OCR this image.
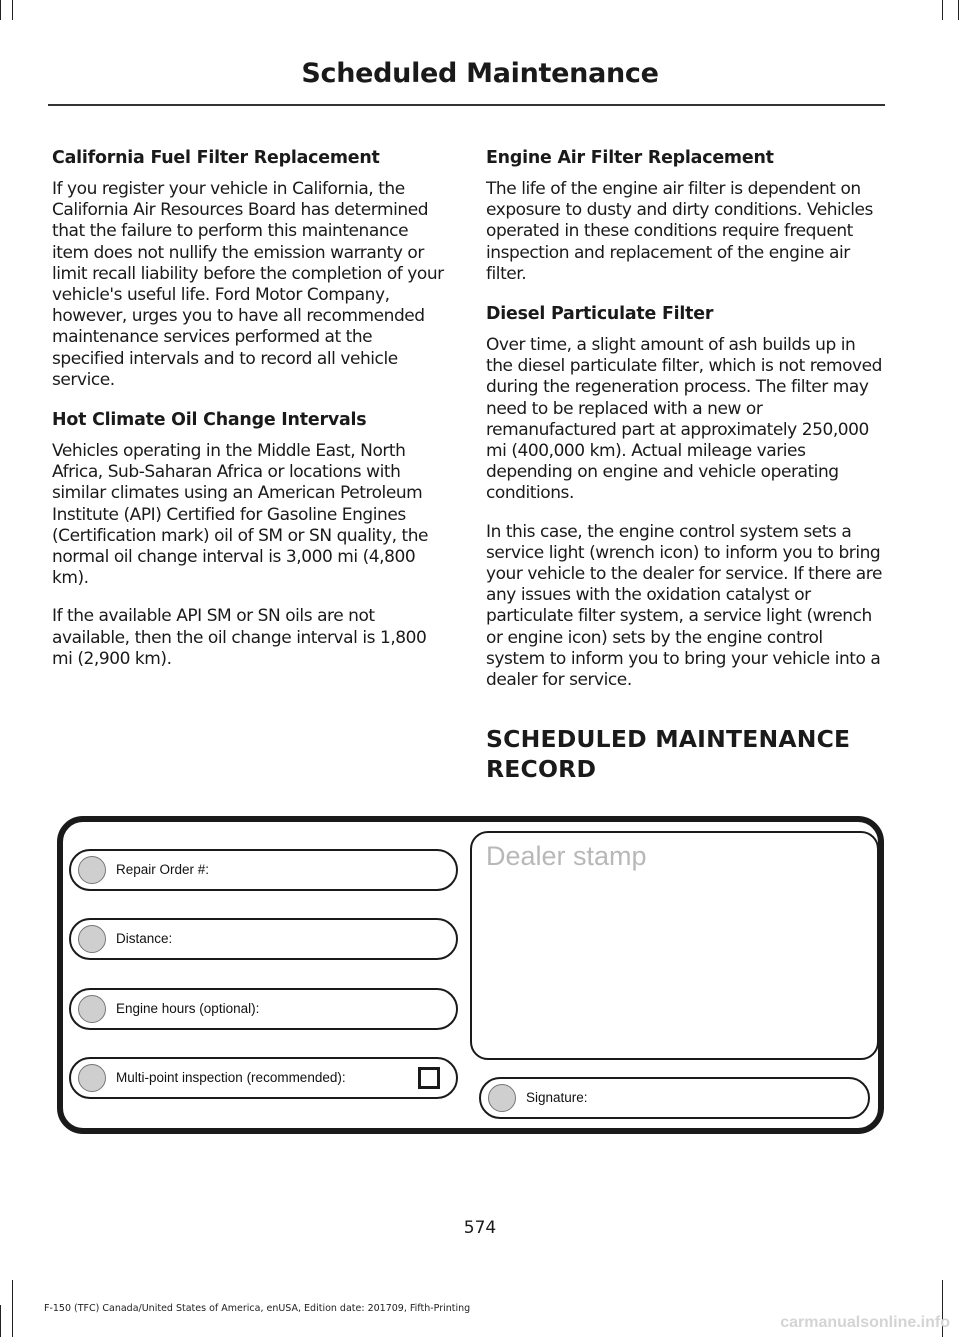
Scheduled Maintenance
California Fuel Filter Replacement

If you register your vehicle in California, the California Air Resources Board has determined that the failure to perform this maintenance item does not nullify the emission warranty or limit recall liability before the completion of your vehicle's useful life. Ford Motor Company, however, urges you to have all recommended maintenance services performed at the specified intervals and to record all vehicle service.

Hot Climate Oil Change Intervals

Vehicles operating in the Middle East, North Africa, Sub-Saharan Africa or locations with similar climates using an American Petroleum Institute (API) Certified for Gasoline Engines (Certification mark) oil of SM or SN quality, the normal oil change interval is 3,000 mi (4,800 km).

If the available API SM or SN oils are not available, then the oil change interval is 1,800 mi (2,900 km).

Engine Air Filter Replacement

The life of the engine air filter is dependent on exposure to dusty and dirty conditions. Vehicles operated in these conditions require frequent inspection and replacement of the engine air filter.

Diesel Particulate Filter

Over time, a slight amount of ash builds up in the diesel particulate filter, which is not removed during the regeneration process. The filter may need to be replaced with a new or remanufactured part at approximately 250,000 mi (400,000 km). Actual mileage varies depending on engine and vehicle operating conditions.

In this case, the engine control system sets a service light (wrench icon) to inform you to bring your vehicle to the dealer for service. If there are any issues with the oxidation catalyst or particulate filter system, a service light (wrench or engine icon) sets by the engine control system to inform you to bring your vehicle into a dealer for service.

SCHEDULED MAINTENANCE
RECORD
Repair Order #:
Distance:
Engine hours (optional):
Multi-point inspection (recommended):
Dealer stamp
Signature:
574
F-150 (TFC) Canada/United States of America, enUSA, Edition date: 201709, Fifth-Printing
carmanualsonline.info
